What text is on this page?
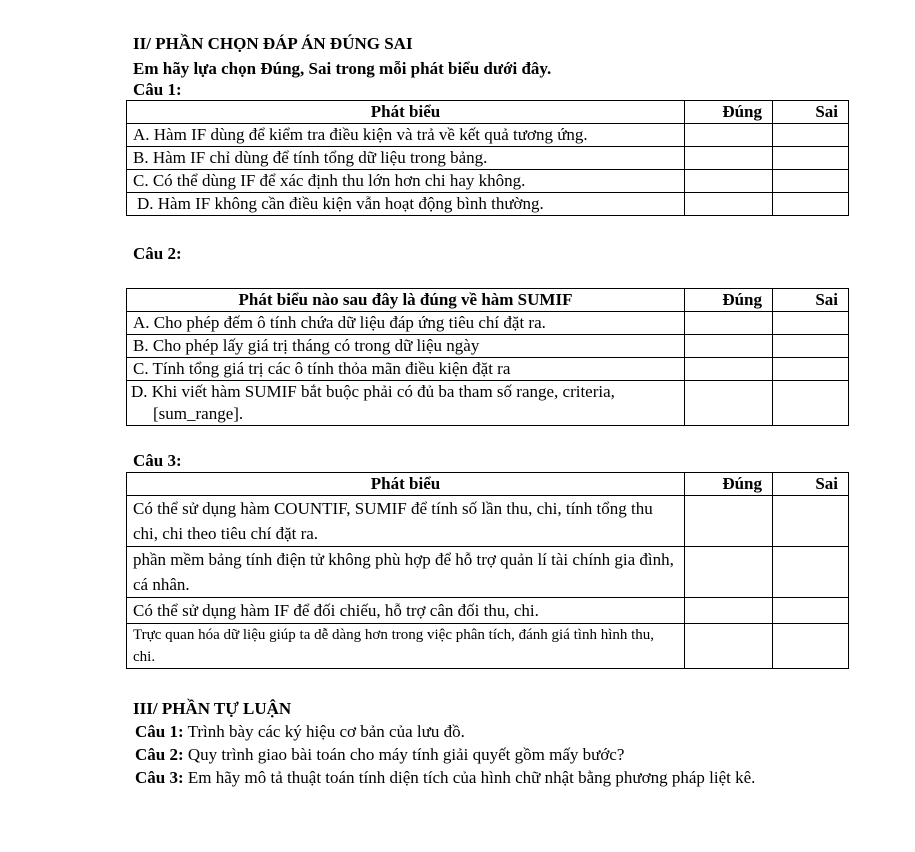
II/ PHẦN CHỌN ĐÁP ÁN ĐÚNG SAI
Em hãy lựa chọn Đúng, Sai trong mỗi phát biểu dưới đây.
Câu 1:
Phát biểu	Đúng	Sai
A. Hàm IF dùng để kiểm tra điều kiện và trả về kết quả tương ứng.		
B. Hàm IF chỉ dùng để tính tổng dữ liệu trong bảng.		
C. Có thể dùng IF để xác định thu lớn hơn chi hay không.		
D. Hàm IF không cần điều kiện vẫn hoạt động bình thường.		
Câu 2:
Phát biểu nào sau đây là đúng về hàm SUMIF	Đúng	Sai
A. Cho phép đếm ô tính chứa dữ liệu đáp ứng tiêu chí đặt ra.		
B. Cho phép lấy giá trị tháng có trong dữ liệu ngày		
C. Tính tổng giá trị các ô tính thỏa mãn điều kiện đặt ra		
D. Khi viết hàm SUMIF bắt buộc phải có đủ ba tham số range, criteria, [sum_range].		
Câu 3:
Phát biểu	Đúng	Sai
Có thể sử dụng hàm COUNTIF, SUMIF để tính số lần thu, chi, tính tổng thu chi, chi theo tiêu chí đặt ra.		
phần mềm bảng tính điện tử không phù hợp để hỗ trợ quản lí tài chính gia đình, cá nhân.		
Có thể sử dụng hàm IF để đối chiếu, hỗ trợ cân đối thu, chi.		
Trực quan hóa dữ liệu giúp ta dễ dàng hơn trong việc phân tích, đánh giá tình hình thu, chi.		
III/ PHẦN TỰ LUẬN
Câu 1: Trình bày các ký hiệu cơ bản của lưu đồ.
Câu 2: Quy trình giao bài toán cho máy tính giải quyết gồm mấy bước?
Câu 3: Em hãy mô tả thuật toán tính diện tích của hình chữ nhật bằng phương pháp liệt kê.
